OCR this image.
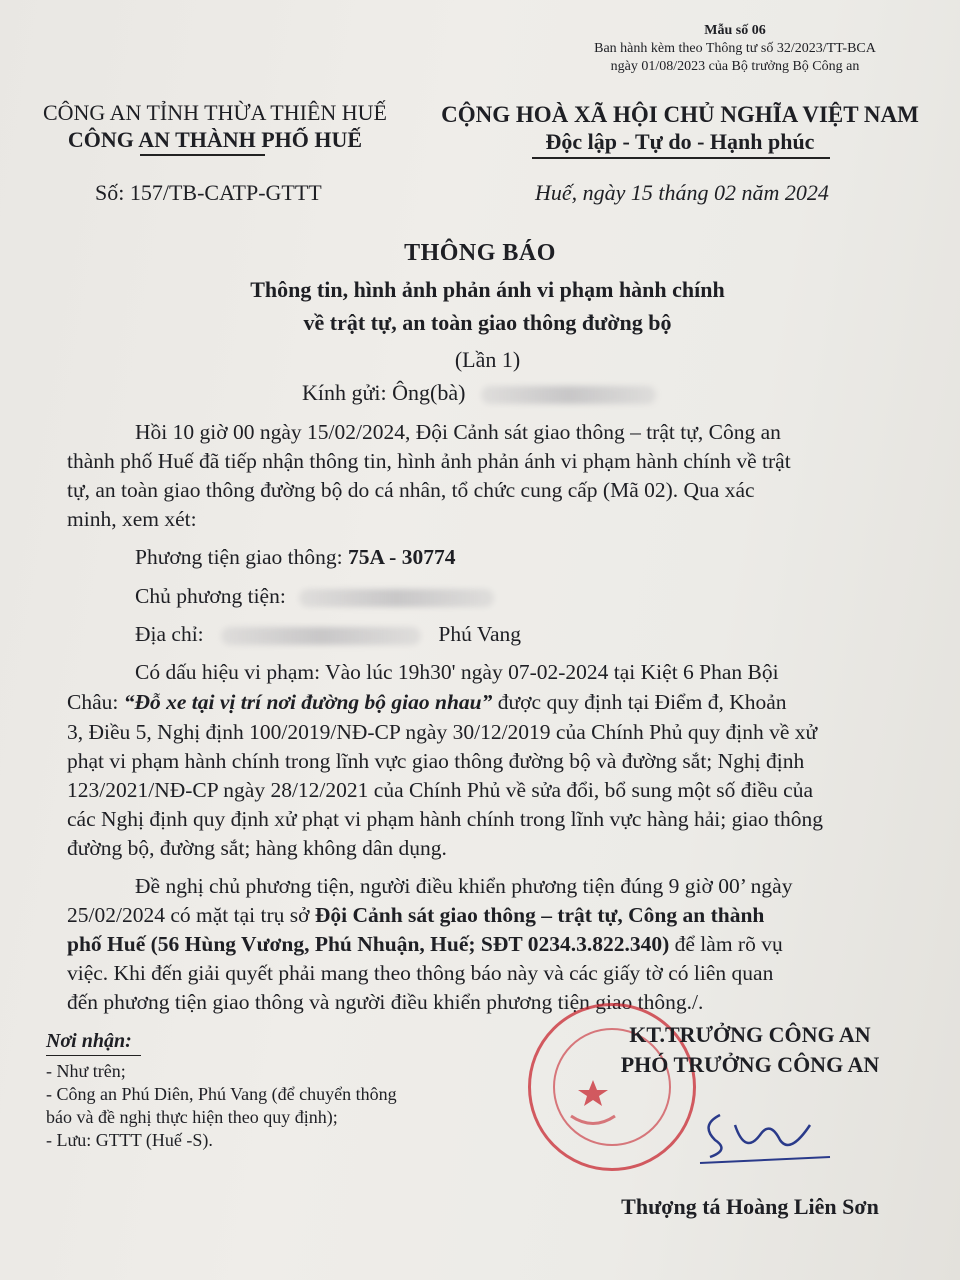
Mẫu số 06
Ban hành kèm theo Thông tư số 32/2023/TT-BCA
ngày 01/08/2023 của Bộ trưởng Bộ Công an
CÔNG AN TỈNH THỪA THIÊN HUẾ
CÔNG AN THÀNH PHỐ HUẾ
CỘNG HOÀ XÃ HỘI CHỦ NGHĨA VIỆT NAM
Độc lập - Tự do - Hạnh phúc
Số: 157/TB-CATP-GTTT	Huế, ngày 15 tháng 02 năm 2024
THÔNG BÁO
Thông tin, hình ảnh phản ánh vi phạm hành chính
về trật tự, an toàn giao thông đường bộ
(Lần 1)
Kính gửi: Ông(bà)
Hồi 10 giờ 00 ngày 15/02/2024, Đội Cảnh sát giao thông – trật tự, Công an
thành phố Huế đã tiếp nhận thông tin, hình ảnh phản ánh vi phạm hành chính về trật
tự, an toàn giao thông đường bộ do cá nhân, tổ chức cung cấp (Mã 02). Qua xác
minh, xem xét:
Phương tiện giao thông: 75A - 30774
Chủ phương tiện:
Địa chỉ:	Phú Vang
Có dấu hiệu vi phạm: Vào lúc 19h30' ngày 07-02-2024 tại Kiệt 6 Phan Bội
Châu: “Đỗ xe tại vị trí nơi đường bộ giao nhau” được quy định tại Điểm đ, Khoản
3, Điều 5, Nghị định 100/2019/NĐ-CP ngày 30/12/2019 của Chính Phủ quy định về xử
phạt vi phạm hành chính trong lĩnh vực giao thông đường bộ và đường sắt; Nghị định
123/2021/NĐ-CP ngày 28/12/2021 của Chính Phủ về sửa đổi, bổ sung một số điều của
các Nghị định quy định xử phạt vi phạm hành chính trong lĩnh vực hàng hải; giao thông
đường bộ, đường sắt; hàng không dân dụng.
Đề nghị chủ phương tiện, người điều khiển phương tiện đúng 9 giờ 00’ ngày
25/02/2024 có mặt tại trụ sở Đội Cảnh sát giao thông – trật tự, Công an thành
phố Huế (56 Hùng Vương, Phú Nhuận, Huế; SĐT 0234.3.822.340) để làm rõ vụ
việc. Khi đến giải quyết phải mang theo thông báo này và các giấy tờ có liên quan
đến phương tiện giao thông và người điều khiển phương tiện giao thông./.
Nơi nhận:
- Như trên;
- Công an Phú Diên, Phú Vang (để chuyển thông
báo và đề nghị thực hiện theo quy định);
- Lưu: GTTT (Huế -S).
KT.TRƯỞNG CÔNG AN
PHÓ TRƯỞNG CÔNG AN
Thượng tá Hoàng Liên Sơn
